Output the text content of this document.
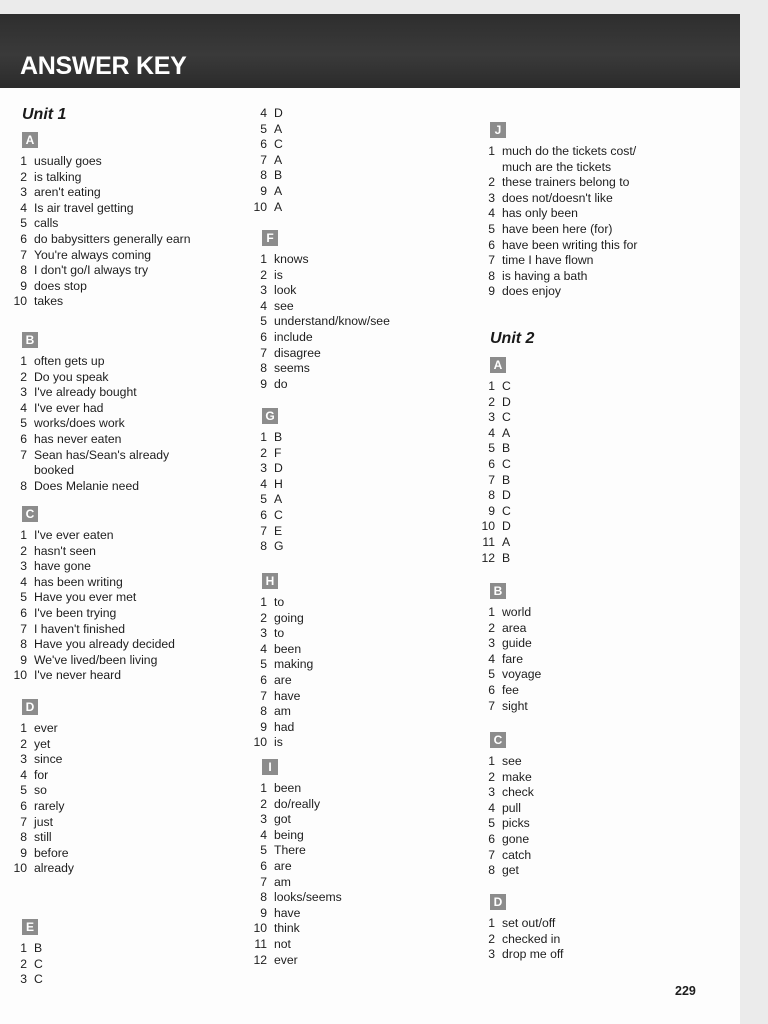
ANSWER KEY
Unit 1
A
1 usually goes
2 is talking
3 aren't eating
4 Is air travel getting
5 calls
6 do babysitters generally earn
7 You're always coming
8 I don't go/I always try
9 does stop
10 takes
B
1 often gets up
2 Do you speak
3 I've already bought
4 I've ever had
5 works/does work
6 has never eaten
7 Sean has/Sean's already
booked
8 Does Melanie need
C
1 I've ever eaten
2 hasn't seen
3 have gone
4 has been writing
5 Have you ever met
6 I've been trying
7 I haven't finished
8 Have you already decided
9 We've lived/been living
10 I've never heard
D
1 ever
2 yet
3 since
4 for
5 so
6 rarely
7 just
8 still
9 before
10 already
E
1 B
2 C
3 C
4 D
5 A
6 C
7 A
8 B
9 A
10 A
F
1 knows
2 is
3 look
4 see
5 understand/know/see
6 include
7 disagree
8 seems
9 do
G
1 B
2 F
3 D
4 H
5 A
6 C
7 E
8 G
H
1 to
2 going
3 to
4 been
5 making
6 are
7 have
8 am
9 had
10 is
I
1 been
2 do/really
3 got
4 being
5 There
6 are
7 am
8 looks/seems
9 have
10 think
11 not
12 ever
J
1 much do the tickets cost/
much are the tickets
2 these trainers belong to
3 does not/doesn't like
4 has only been
5 have been here (for)
6 have been writing this for
7 time I have flown
8 is having a bath
9 does enjoy
Unit 2
A
1 C
2 D
3 C
4 A
5 B
6 C
7 B
8 D
9 C
10 D
11 A
12 B
B
1 world
2 area
3 guide
4 fare
5 voyage
6 fee
7 sight
C
1 see
2 make
3 check
4 pull
5 picks
6 gone
7 catch
8 get
D
1 set out/off
2 checked in
3 drop me off
229
